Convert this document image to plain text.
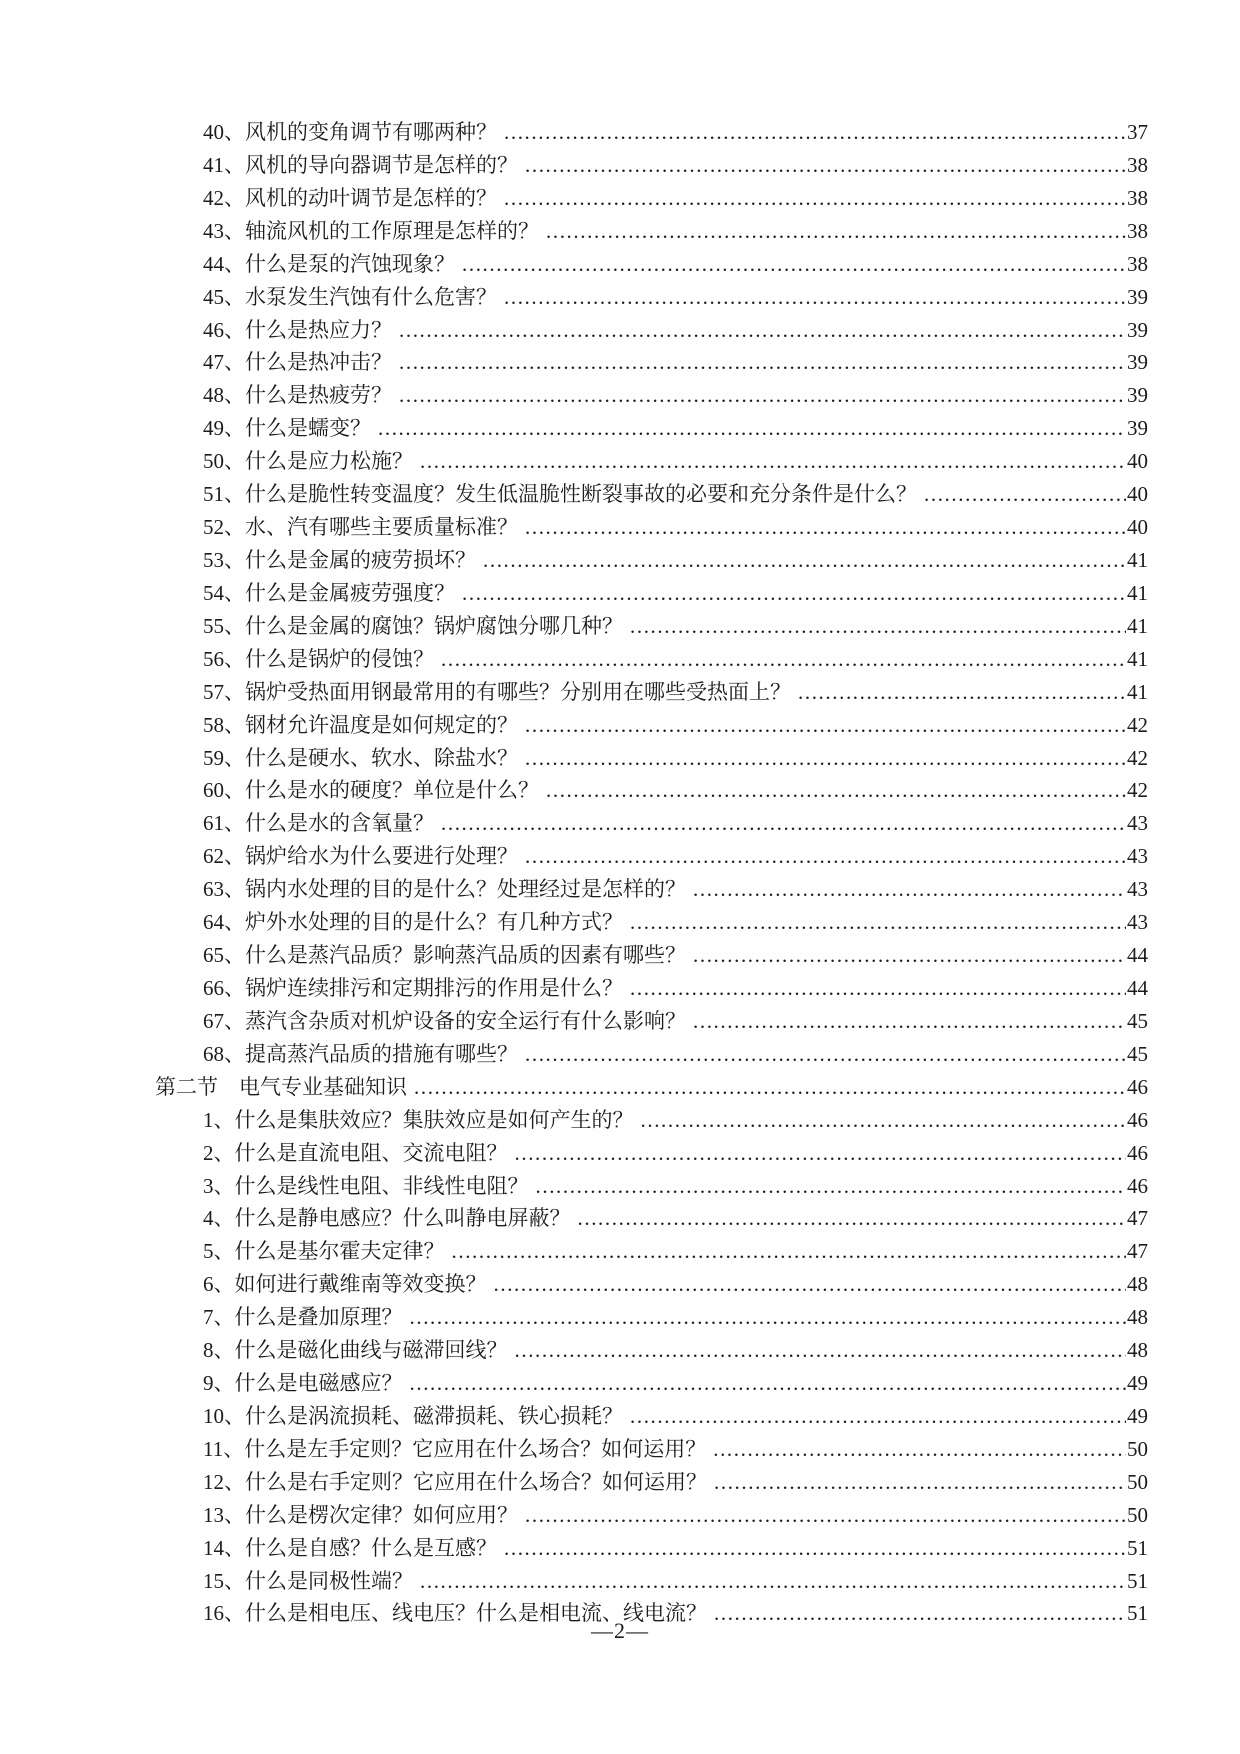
40、风机的变角调节有哪两种？ .....	37
41、风机的导向器调节是怎样的？ .....	38
42、风机的动叶调节是怎样的？ .....	38
43、轴流风机的工作原理是怎样的？ .....	38
44、什么是泵的汽蚀现象？ .....	38
45、水泵发生汽蚀有什么危害？ .....	39
46、什么是热应力？ .....	39
47、什么是热冲击？ .....	39
48、什么是热疲劳？ .....	39
49、什么是蠕变？ .....	39
50、什么是应力松施？ .....	40
51、什么是脆性转变温度？发生低温脆性断裂事故的必要和充分条件是什么？ .....	40
52、水、汽有哪些主要质量标准？ .....	40
53、什么是金属的疲劳损坏？ .....	41
54、什么是金属疲劳强度？ .....	41
55、什么是金属的腐蚀？锅炉腐蚀分哪几种？ .....	41
56、什么是锅炉的侵蚀？ .....	41
57、锅炉受热面用钢最常用的有哪些？分别用在哪些受热面上？ .....	41
58、钢材允许温度是如何规定的？ .....	42
59、什么是硬水、软水、除盐水？ .....	42
60、什么是水的硬度？单位是什么？ .....	42
61、什么是水的含氧量？ .....	43
62、锅炉给水为什么要进行处理？ .....	43
63、锅内水处理的目的是什么？处理经过是怎样的？ .....	43
64、炉外水处理的目的是什么？有几种方式？ .....	43
65、什么是蒸汽品质？影响蒸汽品质的因素有哪些？ .....	44
66、锅炉连续排污和定期排污的作用是什么？ .....	44
67、蒸汽含杂质对机炉设备的安全运行有什么影响？ .....	45
68、提高蒸汽品质的措施有哪些？ .....	45
第二节　电气专业基础知识 .....	46
1、什么是集肤效应？集肤效应是如何产生的？ .....	46
2、什么是直流电阻、交流电阻？ .....	46
3、什么是线性电阻、非线性电阻？ .....	46
4、什么是静电感应？什么叫静电屏蔽？ .....	47
5、什么是基尔霍夫定律？ .....	47
6、如何进行戴维南等效变换？ .....	48
7、什么是叠加原理？ .....	48
8、什么是磁化曲线与磁滞回线？ .....	48
9、什么是电磁感应？ .....	49
10、什么是涡流损耗、磁滞损耗、铁心损耗？ .....	49
11、什么是左手定则？它应用在什么场合？如何运用？ .....	50
12、什么是右手定则？它应用在什么场合？如何运用？ .....	50
13、什么是楞次定律？如何应用？ .....	50
14、什么是自感？什么是互感？ .....	51
15、什么是同极性端？ .....	51
16、什么是相电压、线电压？什么是相电流、线电流？ .....	51
—2—
